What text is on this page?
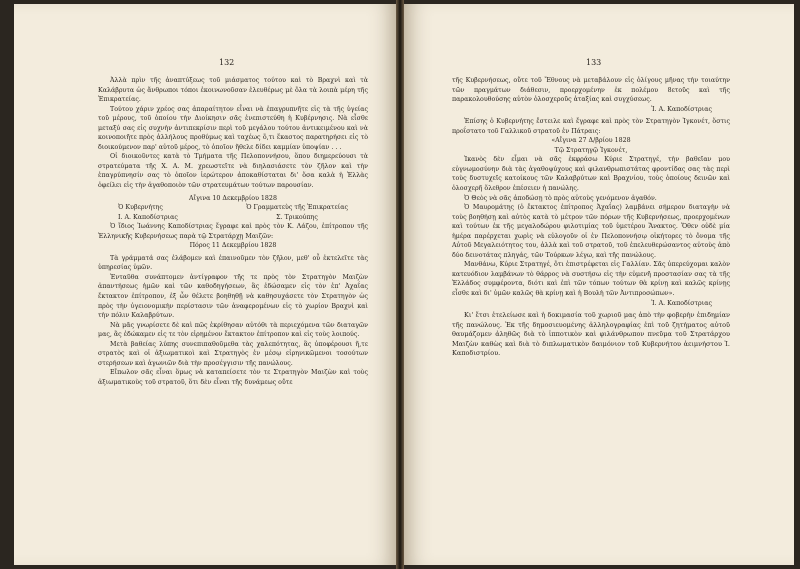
132

Ἀλλὰ πρὶν τῆς ἀναπτύξεως τοῦ μιάσματος τούτου καὶ τὸ Βραχνὶ καὶ τὰ Καλάβρυτα ὡς ἄνθρωποι τόποι ἐκοινωνοῦσαν ἐλευθέρως μὲ ὅλα τὰ λοιπὰ μέρη τῆς Ἐπικρατείας.

Τούτου χάριν χρέος σας ἀπαραίτητον εἶναι νὰ ἐπαγρυπνῆτε εἰς τὰ τῆς ὑγείας τοῦ μέρους, τοῦ ὁποίου τὴν Διοίκησιν σᾶς ἐνεπιστεύθη ἡ Κυβέρνησις. Νὰ εἶσθε μεταξύ σας εἰς συχνὴν ἀντιπεκρίσιν περὶ τοῦ μεγάλου τούτου ἀντικειμένου καὶ νὰ κοινοποιῆτε πρὸς ἀλλήλους προθύμως καὶ ταχέως ὅ,τι ἕκαστος παρατηρήσει εἰς τὸ διοικούμενον παρ' αὐτοῦ μέρος, τὸ ὁποῖον ἤθελε δίδει καμμίαν ὑποψίαν . . .

Οἱ διοικοῦντες κατὰ τὸ Τμήματα τῆς Πελοποννήσου, ὅπου διημερεύουσι τὰ στρατεύματα τῆς Χ. Α. Μ. χρεωστεῖτε νὰ διηλασιάσετε τὸν ζῆλον καὶ τὴν ἐπαγρύπνησίν σας τὸ ὁποῖον ἱερώτερον ἀποκαθίσταται δι' ὅσα καλὰ ἡ Ἑλλὰς ὀφείλει εἰς τὴν ἀγαθοποιὸν τῶν στρατευμάτων τούτων παρουσίαν.

Αἴγινα 10 Δεκεμβρίου 1828

Ὁ Κυβερνήτης
Ι. Α. Καποδίστριας
Ὁ Γραμματεὺς τῆς Ἐπικρατείας
Σ. Τρικούπης

Ὁ ἴδιος Ἰωάννης Καποδίστριας ἔγραφε καὶ πρὸς τὸν Κ. Λάζου, ἐπίτροπον τῆς Ἑλληνικῆς Κυβερνήσεως παρὰ τῷ Στρατάρχῃ Μαιζῶν:

Πόρος 11 Δεκεμβρίου 1828

Τὰ γράμματά σας ἐλάβομεν καὶ ἐπαινοῦμεν τὸν ζῆλον, μεθ' οὗ ἐκτελεῖτε τὰς ὑπηρεσίας ὑμῶν.

Ἐνταῦθα συνάπτομεν ἀντίγραφον τῆς τε πρὸς τὸν Στρατηγὸν Μαιζὼν ἀπαντήσεως ἡμῶν καὶ τῶν καθοδηγήσεων, ἃς ἐδώσαμεν εἰς τὸν ἐπ' Ἀχαΐας ἔκτακτον ἐπίτροπον, ἐξ ὧν θέλετε βοηθηθῇ νὰ καθησυχάσετε τὸν Στρατηγὸν ὡς πρὸς τὴν ὑγειονομικὴν περίστασιν τῶν ἀναφερομένων εἰς τὸ χωρίον Βραχνὶ καὶ τὴν πόλιν Καλαβρύτων.

Νὰ μᾶς γνωρίσετε δὲ καὶ πῶς ἐκρίθησαν αὐτόθι τὰ περιεχόμενα τῶν διαταγῶν μας, ἃς ἐδώκαμεν εἰς τε τὸν εἰρημένον ἔκτακτον ἐπίτροπον καὶ εἰς τοὺς λοιπούς.

Μετὰ βαθείας λύπης συνεπιπαθοῦμεθα τὰς χαλεπότητας, ἃς ὑποφέρουσι ἤ,τε στρατὸς καὶ οἱ ἀξιωματικοὶ καὶ Στρατηγὸς ἐν μέσῳ εἰρηνικῶμενοι τοσούτων στερήσεων καὶ ἀγωνιῶν διὰ τὴν προσέγγισιν τῆς πανώλους.

Εἴπωλον σᾶς εἶναι ὅμως νὰ καταπείσετε τὸν τε Στρατηγὸν Μαιζὼν καὶ τοὺς ἀξιωματικοὺς τοῦ στρατοῦ, ὅτι δὲν εἶναι τῆς δυνάμεως οὔτε

133

τῆς Κυβερνήσεως, οὔτε τοῦ Ἔθνους νὰ μεταβάλουν εἰς ὀλίγους μῆνας τὴν τοιαύτην τῶν πραγμάτων διάθεσιν, προερχομένην ἐκ πολέμου 8ετοῦς καὶ τῆς παρακολουθούσης αὐτὸν ὁλοσχεροῦς ἀταξίας καὶ συγχύσεως.

Ἰ. Α. Καποδίστριας

Ἐπίσης ὁ Κυβερνήτης ἔστειλε καὶ ἔγραφε καὶ πρὸς τὸν Στρατηγὸν Ἰγκονέτ, ὅστις προΐστατο τοῦ Γαλλικοῦ στρατοῦ ἐν Πάτραις:

«Αἴγινα 27 Δ/βρίου 1828

Τῷ Στρατηγῷ Ἰγκονέτ,

Ἱκανὸς δὲν εἶμαι νὰ σᾶς ἐκφράσω Κύριε Στρατηγέ, τὴν βαθεῖαν μου εὐγνωμοσύνην διὰ τὰς ἀγαθοψύχους καὶ φιλανθρωπιστάτας φροντίδας σας τὰς περὶ τοὺς δυστυχεῖς κατοίκους τῶν Καλαβρύτων καὶ Βραχνίου, τοὺς ὁποίους δεινῶν καὶ ὁλοσχερῆ ὄλεθρον ἐπέσειεν ἡ πανώλης.

Ὁ Θεὸς νὰ σᾶς ἀποδώσῃ τὸ πρὸς αὐτοὺς γενόμενον ἀγαθόν.

Ὁ Μαυρομάτης (ὁ ἔκτακτος ἐπίτροπος Ἀχαΐας) λαμβάνει σήμερον διαταγὴν νὰ τοὺς βοηθήσῃ καὶ αὐτὸς κατὰ τὸ μέτρον τῶν πόρων τῆς Κυβερνήσεως, προερχομένων καὶ τούτων ἐκ τῆς μεγαλοδώρου φιλοτιμίας τοῦ ὑμετέρου Ἄνακτος. Ὅθεν οὐδὲ μία ἡμέρα παρέρχεται χωρὶς νὰ εὐλογοῦν οἱ ἐν Πελοποννήσῳ οἰκήτορες τὸ ὄνομα τῆς Αὐτοῦ Μεγαλειότητος του, ἀλλὰ καὶ τοῦ στρατοῦ, τοῦ ἐπελευθερώσαντος αὐτοὺς ἀπὸ δύο δεινοτάτας πληγάς, τῶν Τούρκων λέγω, καὶ τῆς πανώλους.

Μανθάνω, Κύριε Στρατηγέ, ὅτι ἐπιστρέφεται εἰς Γαλλίαν. Σᾶς ὑπερεύχομαι καλὸν κατευόδιον λαμβάνων τὸ θάρρος νὰ συστήσω εἰς τὴν εὐμενῆ προστασίαν σας τὰ τῆς Ἑλλάδος συμφέροντα, διότι καὶ ἐπὶ τῶν τόπων τούτων θὰ κρίνῃ καὶ καλῶς κρίνῃς εἶσθε καὶ δι' ὑμῶν καλῶς θὰ κρίνῃ καὶ ἡ Βουλὴ τῶν Ἀντιπροσώπων».

Ἰ. Α. Καποδίστριας

Κι' ἔτσι ἐτελείωσε καὶ ἡ δοκιμασία τοῦ χωριοῦ μας ἀπὸ τὴν φοβερὴν ἐπιδημίαν τῆς πανώλους. Ἐκ τῆς δημοσιευομένης ἀλληλογραφίας ἐπὶ τοῦ ζητήματος αὐτοῦ θαυμάζομεν ἀληθῶς διὰ τὸ ἱπποτικὸν καὶ φιλάνθρωπον πνεῦμα τοῦ Στρατάρχου Μαιζὼν καθὼς καὶ διὰ τὸ διπλωματικὸν δαιμόνιον τοῦ Κυβερνήτου ἀειμνήστου Ἰ. Καποδιστρίου.
